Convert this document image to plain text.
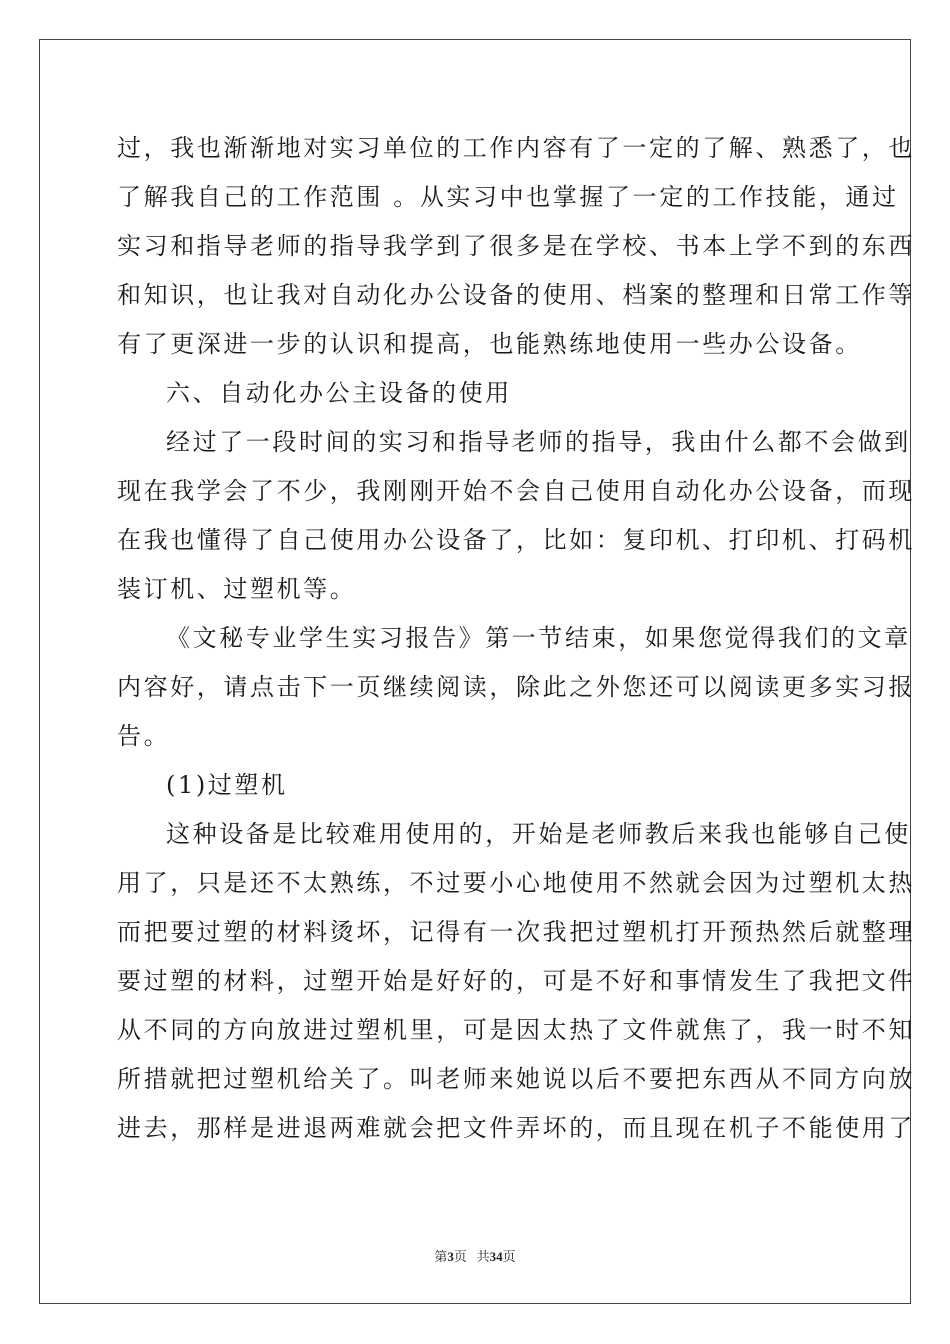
过，我也渐渐地对实习单位的工作内容有了一定的了解、熟悉了，也
了解我自己的工作范围 。从实习中也掌握了一定的工作技能，通过
实习和指导老师的指导我学到了很多是在学校、书本上学不到的东西
和知识，也让我对自动化办公设备的使用、档案的整理和日常工作等
有了更深进一步的认识和提高，也能熟练地使用一些办公设备。
六、自动化办公主设备的使用
经过了一段时间的实习和指导老师的指导，我由什么都不会做到
现在我学会了不少，我刚刚开始不会自己使用自动化办公设备，而现
在我也懂得了自己使用办公设备了，比如：复印机、打印机、打码机
装订机、过塑机等。
《文秘专业学生实习报告》第一节结束，如果您觉得我们的文章
内容好，请点击下一页继续阅读，除此之外您还可以阅读更多实习报
告。
(1)过塑机
这种设备是比较难用使用的，开始是老师教后来我也能够自己使
用了，只是还不太熟练，不过要小心地使用不然就会因为过塑机太热
而把要过塑的材料烫坏，记得有一次我把过塑机打开预热然后就整理
要过塑的材料，过塑开始是好好的，可是不好和事情发生了我把文件
从不同的方向放进过塑机里，可是因太热了文件就焦了，我一时不知
所措就把过塑机给关了。叫老师来她说以后不要把东西从不同方向放
进去，那样是进退两难就会把文件弄坏的，而且现在机子不能使用了
第3页 共34页
